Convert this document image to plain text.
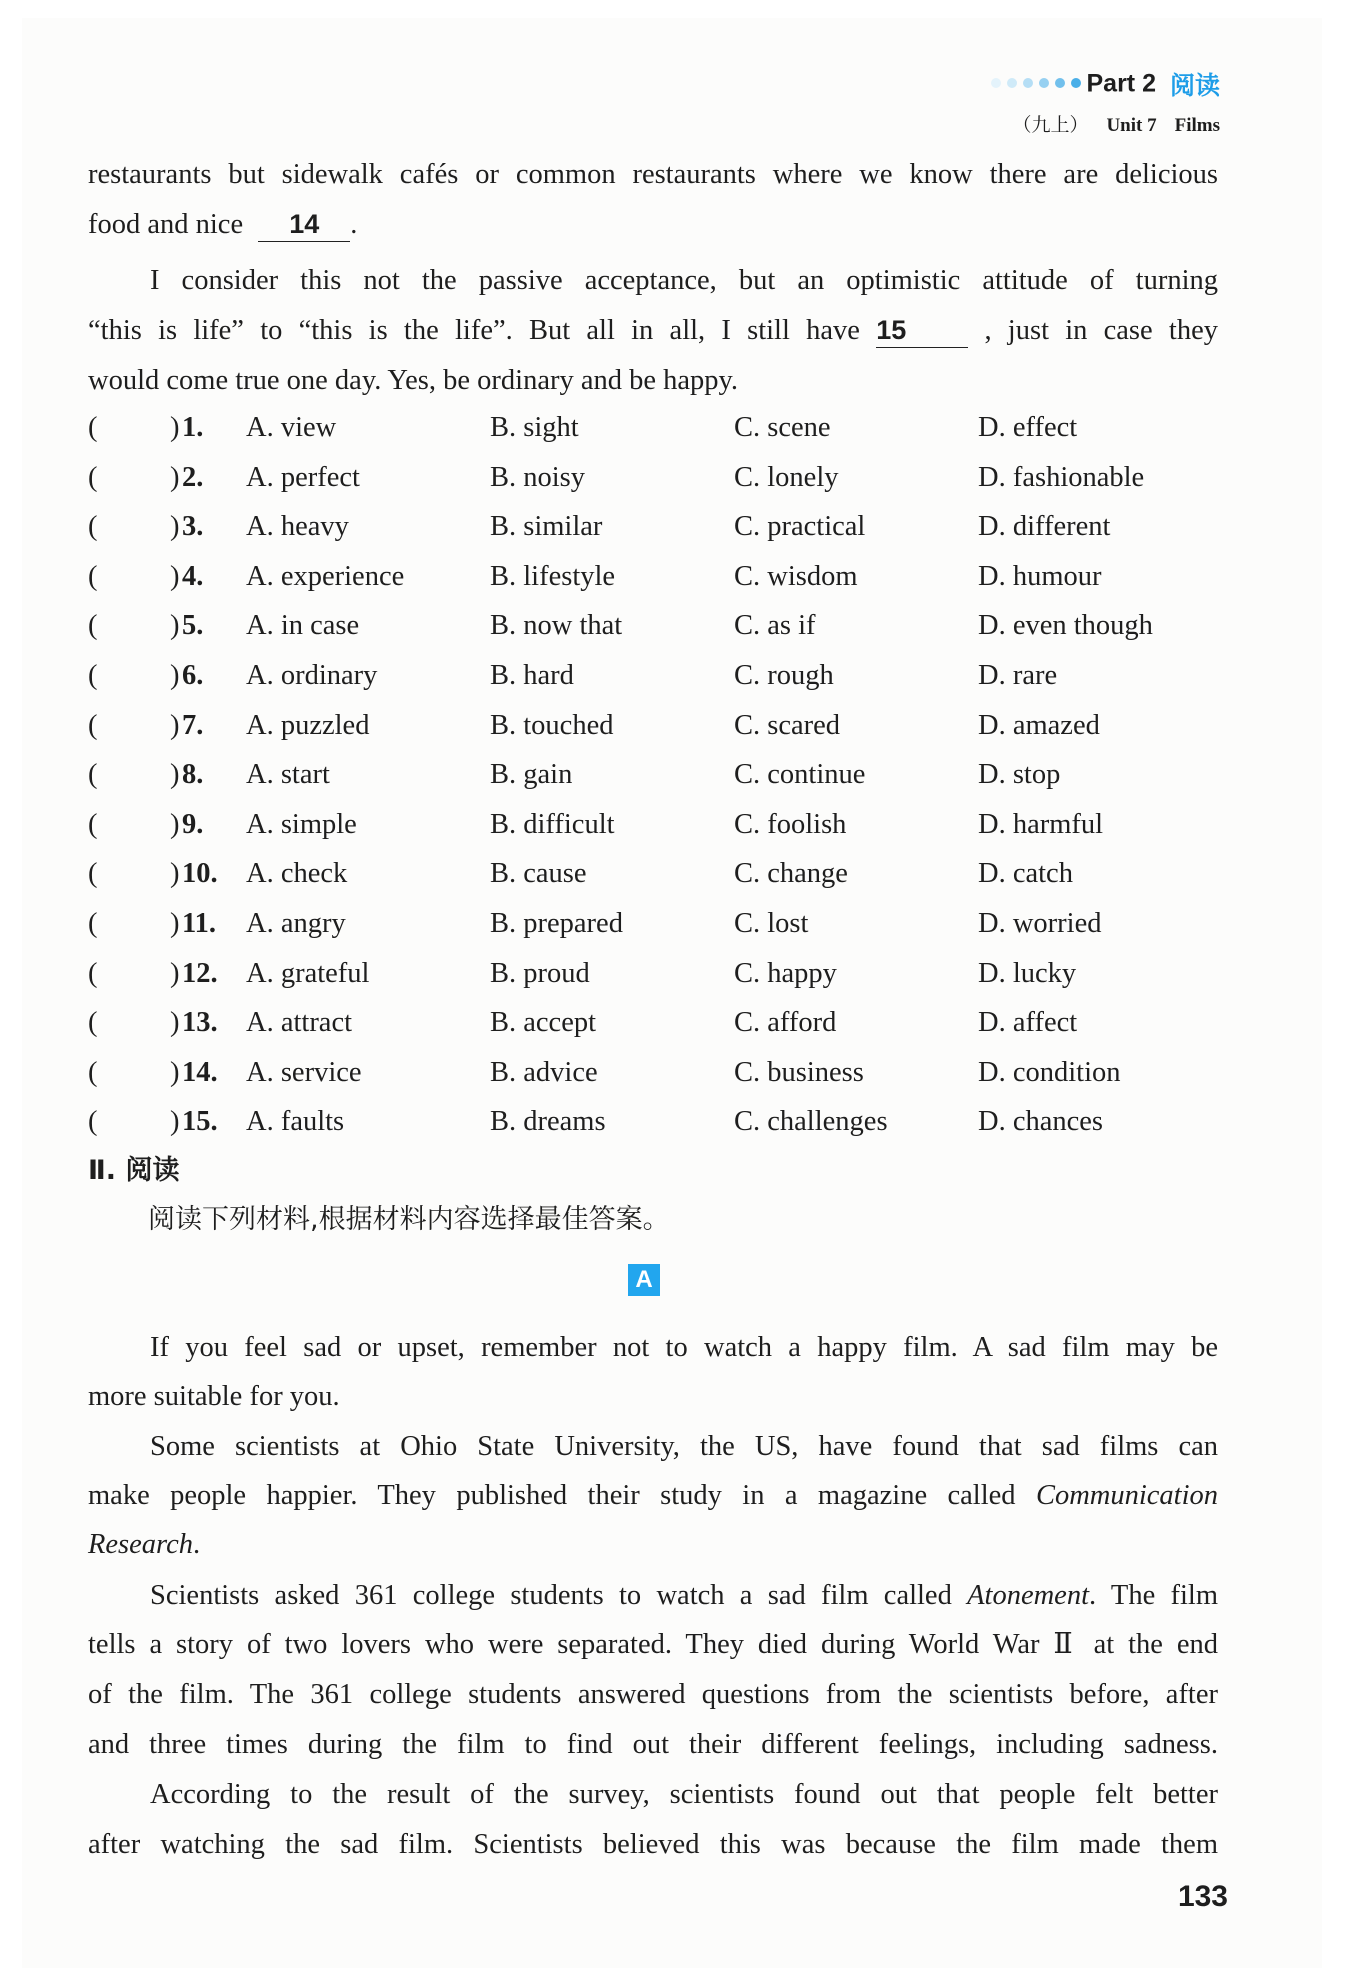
Part 2 阅读
（九上） Unit 7 Films
restaurants but sidewalk cafés or common restaurants where we know there are delicious
food and nice 14 .
I consider this not the passive acceptance, but an optimistic attitude of turning
“this is life” to “this is the life”. But all in all, I still have 15	, just in case they
would come true one day. Yes, be ordinary and be happy.
(	) 1. A. view	B. sight	C. scene	D. effect
(	) 2. A. perfect	B. noisy	C. lonely	D. fashionable
(	) 3. A. heavy	B. similar	C. practical	D. different
(	) 4. A. experience	B. lifestyle	C. wisdom	D. humour
(	) 5. A. in case	B. now that	C. as if	D. even though
(	) 6. A. ordinary	B. hard	C. rough	D. rare
(	) 7. A. puzzled	B. touched	C. scared	D. amazed
(	) 8. A. start	B. gain	C. continue	D. stop
(	) 9. A. simple	B. difficult	C. foolish	D. harmful
(	) 10. A. check	B. cause	C. change	D. catch
(	) 11. A. angry	B. prepared	C. lost	D. worried
(	) 12. A. grateful	B. proud	C. happy	D. lucky
(	) 13. A. attract	B. accept	C. afford	D. affect
(	) 14. A. service	B. advice	C. business	D. condition
(	) 15. A. faults	B. dreams	C. challenges	D. chances
Ⅱ. 阅读
阅读下列材料,根据材料内容选择最佳答案。
A
If you feel sad or upset, remember not to watch a happy film. A sad film may be
more suitable for you.
Some scientists at Ohio State University, the US, have found that sad films can
make people happier. They published their study in a magazine called Communication
Research.
Scientists asked 361 college students to watch a sad film called Atonement. The film
tells a story of two lovers who were separated. They died during World War Ⅱ at the end
of the film. The 361 college students answered questions from the scientists before, after
and three times during the film to find out their different feelings, including sadness.
According to the result of the survey, scientists found out that people felt better
after watching the sad film. Scientists believed this was because the film made them
133
